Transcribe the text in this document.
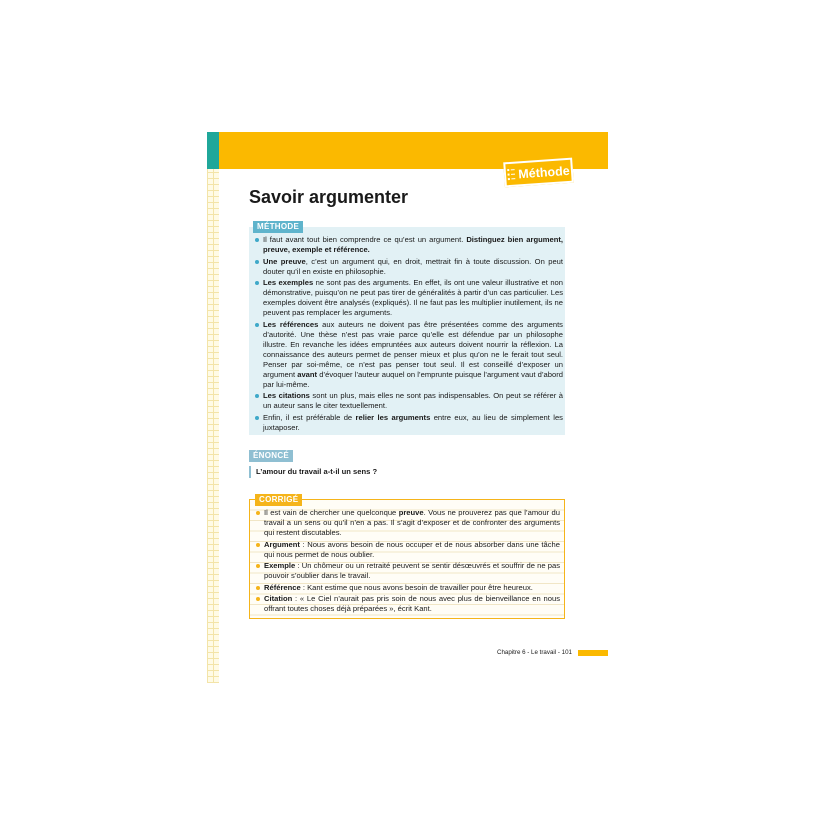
Méthode
Savoir argumenter
MÉTHODE
Il faut avant tout bien comprendre ce qu’est un argument. Distinguez bien argument, preuve, exemple et référence.
Une preuve, c’est un argument qui, en droit, mettrait fin à toute discussion. On peut douter qu’il en existe en philosophie.
Les exemples ne sont pas des arguments. En effet, ils ont une valeur illustrative et non démonstrative, puisqu’on ne peut pas tirer de généralités à partir d’un cas particulier. Les exemples doivent être analysés (expliqués). Il ne faut pas les multiplier inutilement, ils ne peuvent pas remplacer les arguments.
Les références aux auteurs ne doivent pas être présentées comme des arguments d’autorité. Une thèse n’est pas vraie parce qu’elle est défendue par un philosophe illustre. En revanche les idées empruntées aux auteurs doivent nourrir la réflexion. La connaissance des auteurs permet de penser mieux et plus qu’on ne le ferait tout seul. Penser par soi-même, ce n’est pas penser tout seul. Il est conseillé d’exposer un argument avant d’évoquer l’auteur auquel on l’emprunte puisque l’argument vaut d’abord par lui-même.
Les citations sont un plus, mais elles ne sont pas indispensables. On peut se référer à un auteur sans le citer textuellement.
Enfin, il est préférable de relier les arguments entre eux, au lieu de simplement les juxtaposer.
ÉNONCÉ
L’amour du travail a-t-il un sens ?
CORRIGÉ
Il est vain de chercher une quelconque preuve. Vous ne prouverez pas que l’amour du travail a un sens ou qu’il n’en a pas. Il s’agit d’exposer et de confronter des arguments qui restent discutables.
Argument : Nous avons besoin de nous occuper et de nous absorber dans une tâche qui nous permet de nous oublier.
Exemple : Un chômeur ou un retraité peuvent se sentir désœuvrés et souffrir de ne pas pouvoir s’oublier dans le travail.
Référence : Kant estime que nous avons besoin de travailler pour être heureux.
Citation : « Le Ciel n’aurait pas pris soin de nous avec plus de bienveillance en nous offrant toutes choses déjà préparées », écrit Kant.
Chapitre 6 - Le travail - 101
